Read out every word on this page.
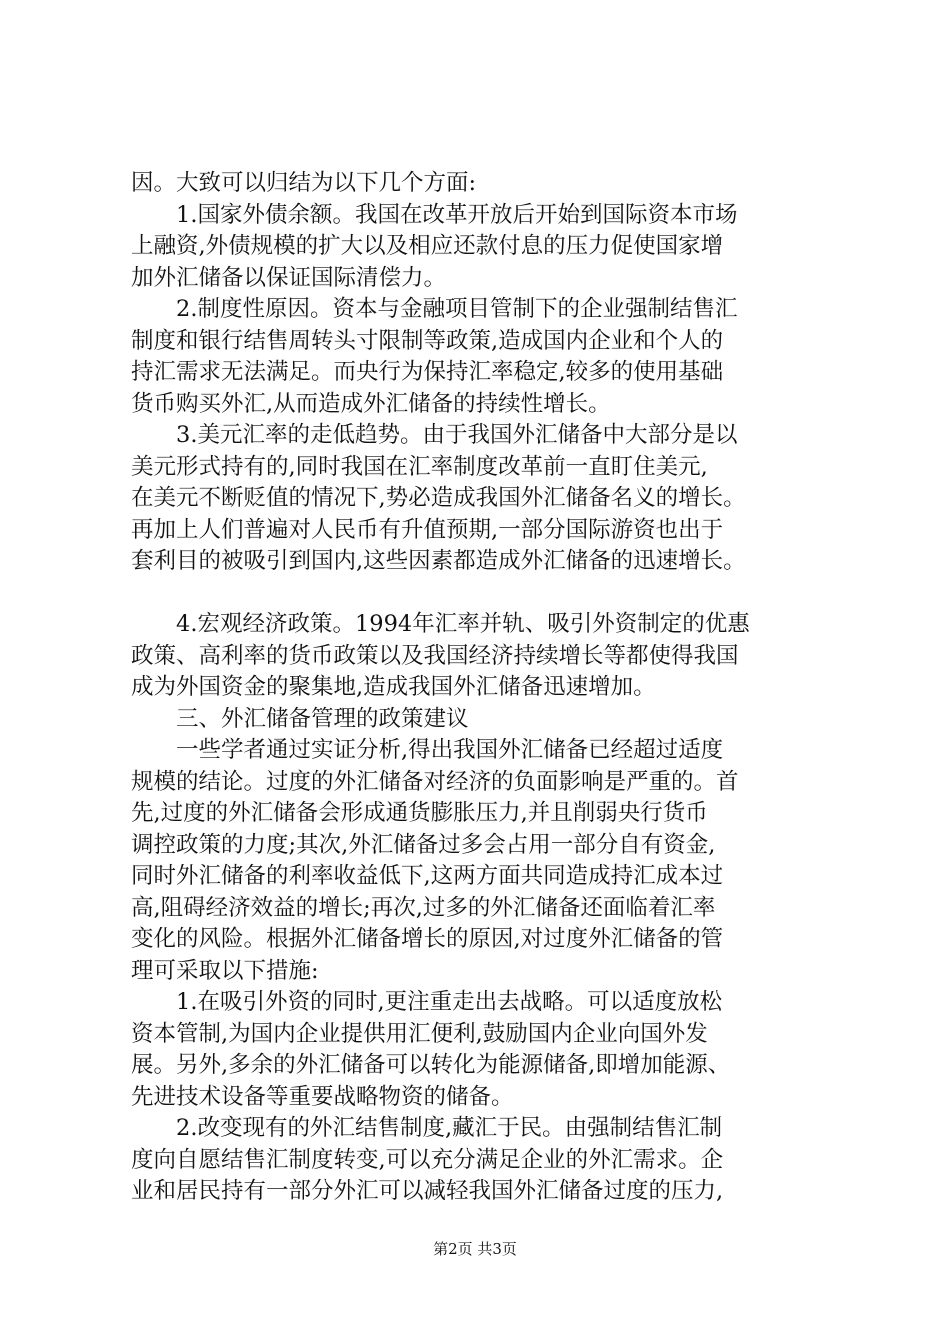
因。大致可以归结为以下几个方面:
1.国家外债余额。我国在改革开放后开始到国际资本市场
上融资,外债规模的扩大以及相应还款付息的压力促使国家增
加外汇储备以保证国际清偿力。
2.制度性原因。资本与金融项目管制下的企业强制结售汇
制度和银行结售周转头寸限制等政策,造成国内企业和个人的
持汇需求无法满足。而央行为保持汇率稳定,较多的使用基础
货币购买外汇,从而造成外汇储备的持续性增长。
3.美元汇率的走低趋势。由于我国外汇储备中大部分是以
美元形式持有的,同时我国在汇率制度改革前一直盯住美元,
在美元不断贬值的情况下,势必造成我国外汇储备名义的增长。
再加上人们普遍对人民币有升值预期,一部分国际游资也出于
套利目的被吸引到国内,这些因素都造成外汇储备的迅速增长。
4.宏观经济政策。1994年汇率并轨、吸引外资制定的优惠
政策、高利率的货币政策以及我国经济持续增长等都使得我国
成为外国资金的聚集地,造成我国外汇储备迅速增加。
三、外汇储备管理的政策建议
一些学者通过实证分析,得出我国外汇储备已经超过适度
规模的结论。过度的外汇储备对经济的负面影响是严重的。首
先,过度的外汇储备会形成通货膨胀压力,并且削弱央行货币
调控政策的力度;其次,外汇储备过多会占用一部分自有资金,
同时外汇储备的利率收益低下,这两方面共同造成持汇成本过
高,阻碍经济效益的增长;再次,过多的外汇储备还面临着汇率
变化的风险。根据外汇储备增长的原因,对过度外汇储备的管
理可采取以下措施:
1.在吸引外资的同时,更注重走出去战略。可以适度放松
资本管制,为国内企业提供用汇便利,鼓励国内企业向国外发
展。另外,多余的外汇储备可以转化为能源储备,即增加能源、
先进技术设备等重要战略物资的储备。
2.改变现有的外汇结售制度,藏汇于民。由强制结售汇制
度向自愿结售汇制度转变,可以充分满足企业的外汇需求。企
业和居民持有一部分外汇可以减轻我国外汇储备过度的压力,
第2页 共3页
